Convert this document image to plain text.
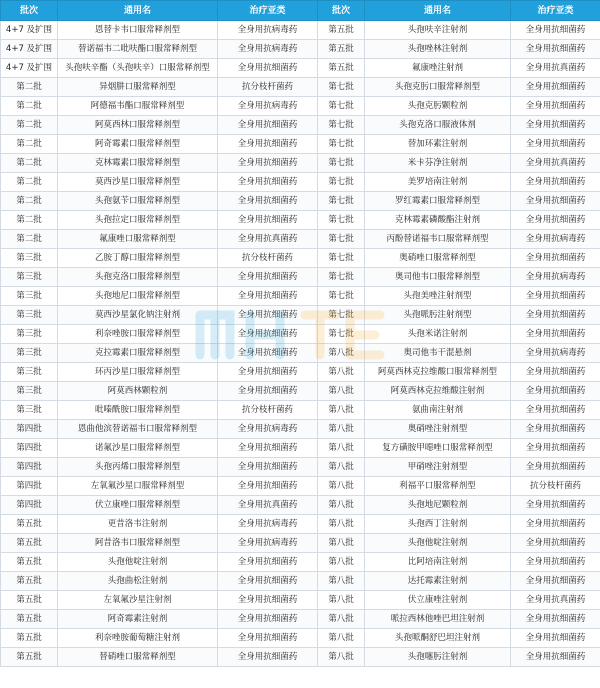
批次	通用名	治疗亚类	批次	通用名	治疗亚类
4+7 及扩围	恩替卡韦口服常释剂型	全身用抗病毒药	第五批	头孢呋辛注射剂	全身用抗细菌药
4+7 及扩围	替诺福韦二吡呋酯口服常释剂型	全身用抗病毒药	第五批	头孢唑林注射剂	全身用抗细菌药
4+7 及扩围	头孢呋辛酯（头孢呋辛）口服常释剂型	全身用抗细菌药	第五批	氟康唑注射剂	全身用抗真菌药
第二批	异烟肼口服常释剂型	抗分枝杆菌药	第七批	头孢克肟口服常释剂型	全身用抗细菌药
第二批	阿德福韦酯口服常释剂型	全身用抗病毒药	第七批	头孢克肟颗粒剂	全身用抗细菌药
第二批	阿莫西林口服常释剂型	全身用抗细菌药	第七批	头孢克洛口服液体剂	全身用抗细菌药
第二批	阿奇霉素口服常释剂型	全身用抗细菌药	第七批	替加环素注射剂	全身用抗细菌药
第二批	克林霉素口服常释剂型	全身用抗细菌药	第七批	米卡芬净注射剂	全身用抗真菌药
第二批	莫西沙星口服常释剂型	全身用抗细菌药	第七批	美罗培南注射剂	全身用抗细菌药
第二批	头孢氨苄口服常释剂型	全身用抗细菌药	第七批	罗红霉素口服常释剂型	全身用抗细菌药
第二批	头孢拉定口服常释剂型	全身用抗细菌药	第七批	克林霉素磷酸酯注射剂	全身用抗细菌药
第二批	氟康唑口服常释剂型	全身用抗真菌药	第七批	丙酚替诺福韦口服常释剂型	全身用抗病毒药
第三批	乙胺丁醇口服常释剂型	抗分枝杆菌药	第七批	奥硝唑口服常释剂型	全身用抗细菌药
第三批	头孢克洛口服常释剂型	全身用抗细菌药	第七批	奥司他韦口服常释剂型	全身用抗病毒药
第三批	头孢地尼口服常释剂型	全身用抗细菌药	第七批	头孢美唑注射剂型	全身用抗细菌药
第三批	莫西沙星氯化钠注射剂	全身用抗细菌药	第七批	头孢哌肟注射剂型	全身用抗细菌药
第三批	利奈唑胺口服常释剂型	全身用抗细菌药	第七批	头孢米诺注射剂	全身用抗细菌药
第三批	克拉霉素口服常释剂型	全身用抗细菌药	第八批	奥司他韦干混悬剂	全身用抗病毒药
第三批	环丙沙星口服常释剂型	全身用抗细菌药	第八批	阿莫西林克拉维酸口服常释剂型	全身用抗细菌药
第三批	阿莫西林颗粒剂	全身用抗细菌药	第八批	阿莫西林克拉维酸注射剂	全身用抗细菌药
第三批	吡嗪酰胺口服常释剂型	抗分枝杆菌药	第八批	氨曲南注射剂	全身用抗细菌药
第四批	恩曲他滨替诺福韦口服常释剂型	全身用抗病毒药	第八批	奥硝唑注射剂型	全身用抗细菌药
第四批	诺氟沙星口服常释剂型	全身用抗细菌药	第八批	复方磺胺甲噁唑口服常释剂型	全身用抗细菌药
第四批	头孢丙烯口服常释剂型	全身用抗细菌药	第八批	甲硝唑注射剂型	全身用抗细菌药
第四批	左氧氟沙星口服常释剂型	全身用抗细菌药	第八批	利福平口服常释剂型	抗分枝杆菌药
第四批	伏立康唑口服常释剂型	全身用抗真菌药	第八批	头孢地尼颗粒剂	全身用抗细菌药
第五批	更昔洛韦注射剂	全身用抗病毒药	第八批	头孢西丁注射剂	全身用抗细菌药
第五批	阿昔洛韦口服常释剂型	全身用抗病毒药	第八批	头孢他啶注射剂	全身用抗细菌药
第五批	头孢他啶注射剂	全身用抗细菌药	第八批	比阿培南注射剂	全身用抗细菌药
第五批	头孢曲松注射剂	全身用抗细菌药	第八批	达托霉素注射剂	全身用抗细菌药
第五批	左氧氟沙星注射剂	全身用抗细菌药	第八批	伏立康唑注射剂	全身用抗真菌药
第五批	阿奇霉素注射剂	全身用抗细菌药	第八批	哌拉西林他唑巴坦注射剂	全身用抗细菌药
第五批	利奈唑胺葡萄糖注射剂	全身用抗细菌药	第八批	头孢哌酮舒巴坦注射剂	全身用抗细菌药
第五批	替硝唑口服常释剂型	全身用抗细菌药	第八批	头孢噻肟注射剂	全身用抗细菌药
